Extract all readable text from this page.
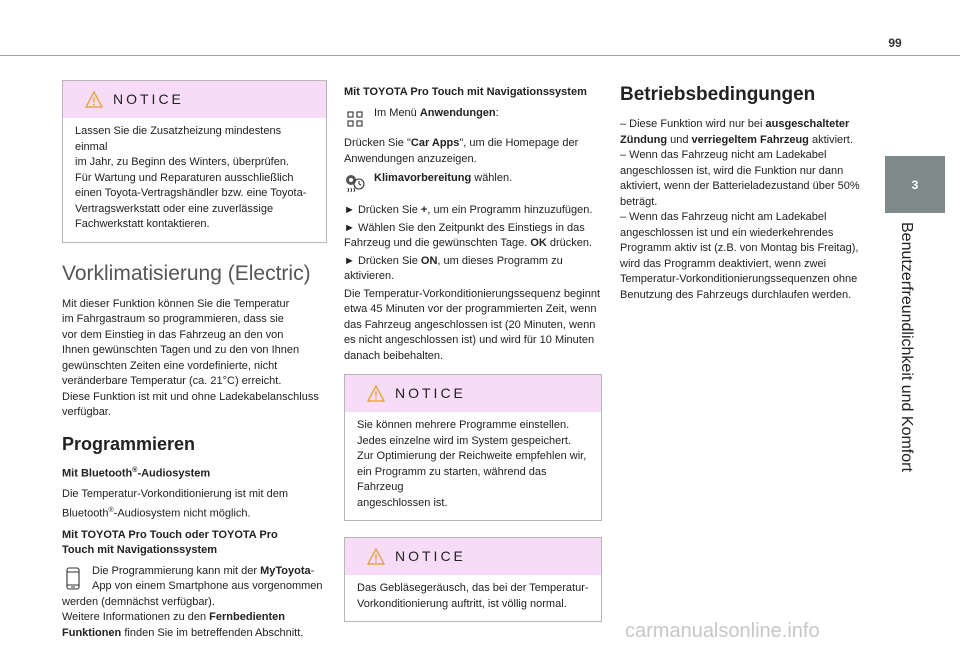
99
3
Benutzerfreundlichkeit und Komfort
NOTICE
Lassen Sie die Zusatzheizung mindestens einmal
im Jahr, zu Beginn des Winters, überprüfen.
Für Wartung und Reparaturen ausschließlich
einen Toyota-Vertragshändler bzw. eine Toyota-
Vertragswerkstatt oder eine zuverlässige
Fachwerkstatt kontaktieren.
Vorklimatisierung (Electric)

Mit dieser Funktion können Sie die Temperatur
im Fahrgastraum so programmieren, dass sie
vor dem Einstieg in das Fahrzeug an den von
Ihnen gewünschten Tagen und zu den von Ihnen
gewünschten Zeiten eine vordefinierte, nicht
veränderbare Temperatur (ca. 21°C) erreicht.
Diese Funktion ist mit und ohne Ladekabelanschluss
verfügbar.

Programmieren
Mit Bluetooth®-Audiosystem

Die Temperatur-Vorkonditionierung ist mit dem
Bluetooth®-Audiosystem nicht möglich.

Mit TOYOTA Pro Touch oder TOYOTA Pro
Touch mit Navigationssystem

Die Programmierung kann mit der MyToyota-App von einem Smartphone aus vorgenommen werden (demnächst verfügbar).
Weitere Informationen zu den Fernbedienten Funktionen finden Sie im betreffenden Abschnitt.

Mit TOYOTA Pro Touch mit Navigationssystem
Im Menü Anwendungen:

Drücken Sie "Car Apps", um die Homepage der Anwendungen anzuzeigen.

Klimavorbereitung wählen.

► Drücken Sie +, um ein Programm hinzuzufügen.

► Wählen Sie den Zeitpunkt des Einstiegs in das Fahrzeug und die gewünschten Tage. OK drücken.

► Drücken Sie ON, um dieses Programm zu aktivieren.

Die Temperatur-Vorkonditionierungssequenz beginnt etwa 45 Minuten vor der programmierten Zeit, wenn das Fahrzeug angeschlossen ist (20 Minuten, wenn es nicht angeschlossen ist) und wird für 10 Minuten danach beibehalten.

NOTICE
Sie können mehrere Programme einstellen.
Jedes einzelne wird im System gespeichert.
Zur Optimierung der Reichweite empfehlen wir,
ein Programm zu starten, während das Fahrzeug
angeschlossen ist.
NOTICE
Das Gebläsegeräusch, das bei der Temperatur-
Vorkonditionierung auftritt, ist völlig normal.
Betriebsbedingungen

– Diese Funktion wird nur bei ausgeschalteter Zündung und verriegeltem Fahrzeug aktiviert.

– Wenn das Fahrzeug nicht am Ladekabel angeschlossen ist, wird die Funktion nur dann aktiviert, wenn der Batterieladezustand über 50% beträgt.

– Wenn das Fahrzeug nicht am Ladekabel angeschlossen ist und ein wiederkehrendes Programm aktiv ist (z.B. von Montag bis Freitag), wird das Programm deaktiviert, wenn zwei Temperatur-Vorkonditionierungssequenzen ohne Benutzung des Fahrzeugs durchlaufen werden.

carmanualsonline.info
